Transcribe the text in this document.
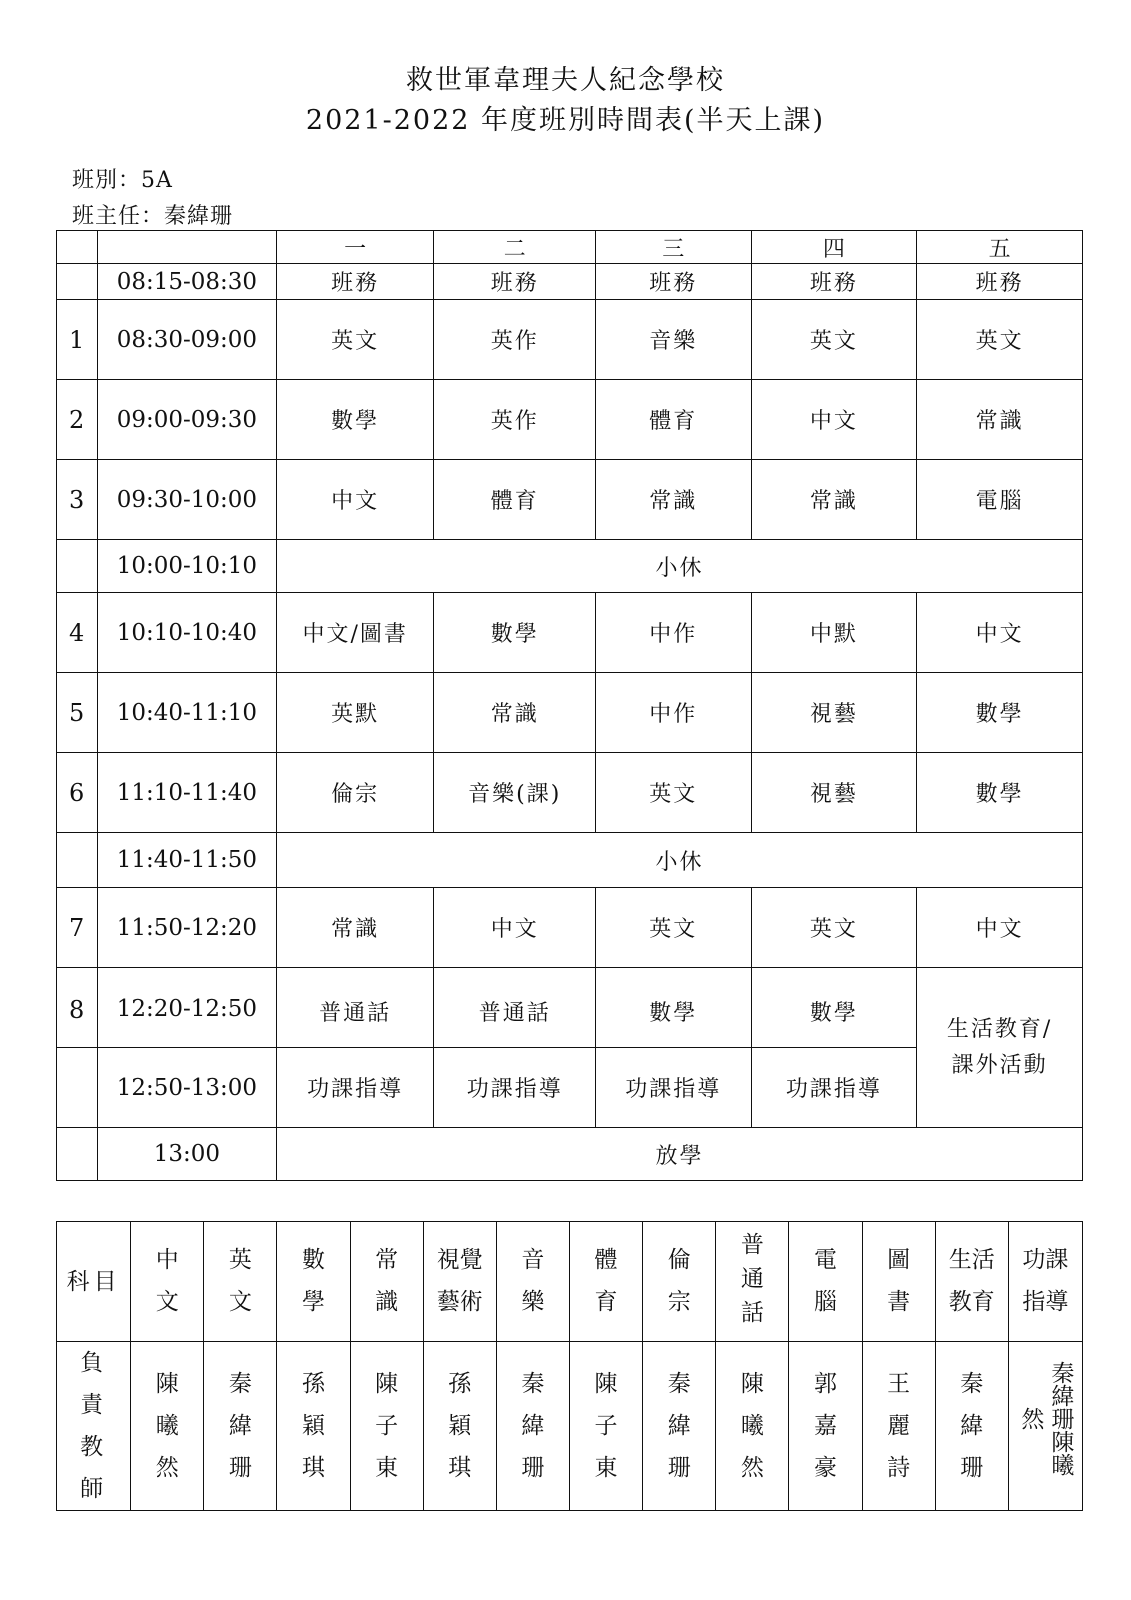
救世軍韋理夫人紀念學校
2021-2022 年度班別時間表(半天上課)
班別：5A
班主任：秦緯珊
		一	二	三	四	五
	08:15-08:30	班務	班務	班務	班務	班務
1	08:30-09:00	英文	英作	音樂	英文	英文
2	09:00-09:30	數學	英作	體育	中文	常識
3	09:30-10:00	中文	體育	常識	常識	電腦
	10:00-10:10	小休				
4	10:10-10:40	中文/圖書	數學	中作	中默	中文
5	10:40-11:10	英默	常識	中作	視藝	數學
6	11:10-11:40	倫宗	音樂(課)	英文	視藝	數學
	11:40-11:50	小休				
7	11:50-12:20	常識	中文	英文	英文	中文
8	12:20-12:50	普通話	普通話	數學	數學	生活教育/課外活動
	12:50-13:00	功課指導	功課指導	功課指導	功課指導	
	13:00	放學				
科目	中文	英文	數學	常識	視覺藝術	音樂	體育	倫宗	普通話	電腦	圖書	生活教育	功課指導
負責教師	陳曦然	秦緯珊	孫穎琪	陳子東	孫穎琪	秦緯珊	陳子東	秦緯珊	陳曦然	郭嘉豪	王麗詩	秦緯珊	秦緯珊陳曦然
